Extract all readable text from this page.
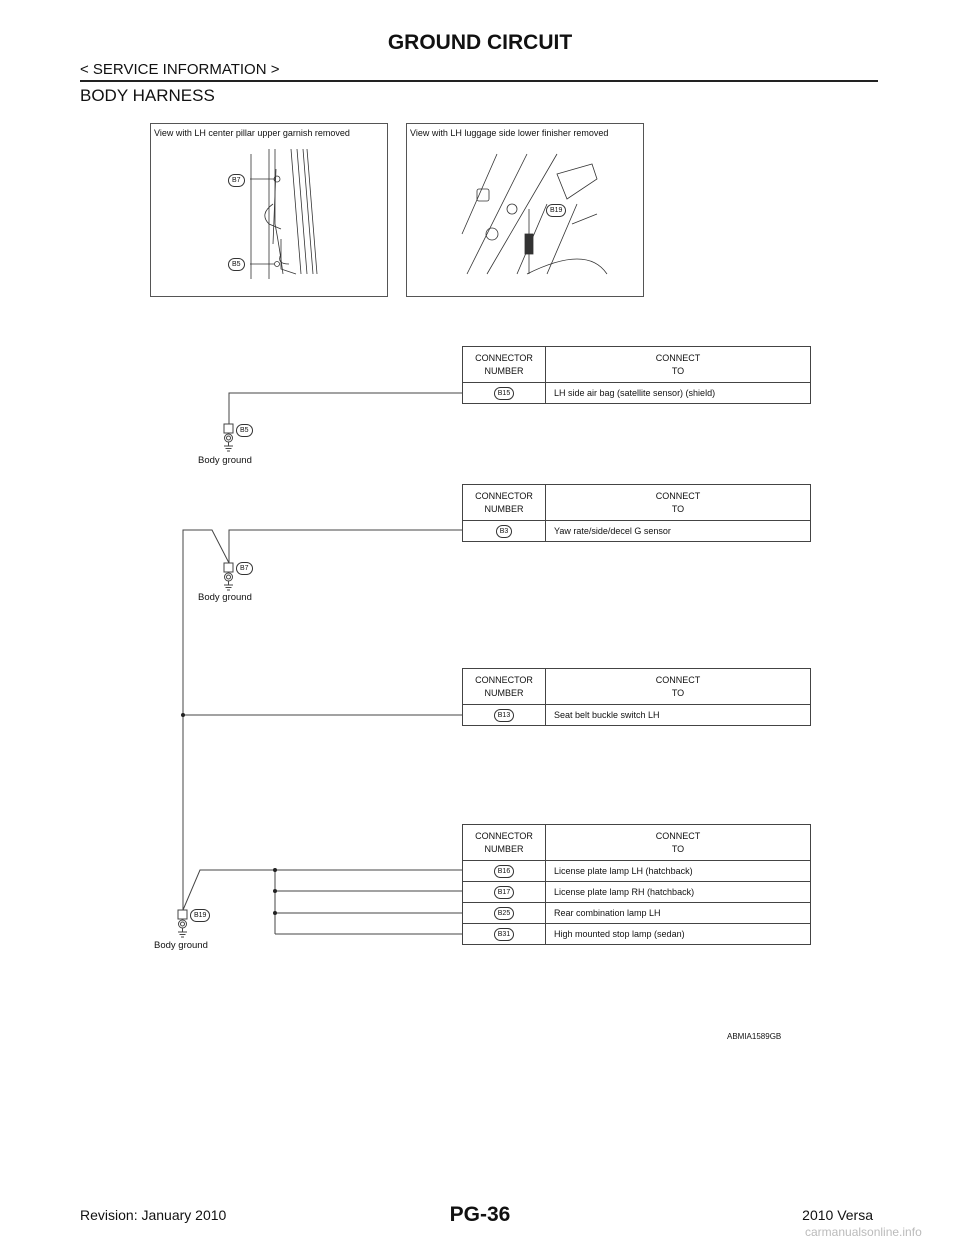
GROUND CIRCUIT
< SERVICE INFORMATION >
BODY HARNESS
View with LH center pillar upper garnish removed
B7
B5
View with LH luggage side lower finisher removed
B19
B5
Body ground
B7
Body ground
B19
Body ground
CONNECTOR
NUMBER	CONNECT
TO
B15	LH side air bag (satellite sensor) (shield)
CONNECTOR
NUMBER	CONNECT
TO
B3	Yaw rate/side/decel G sensor
CONNECTOR
NUMBER	CONNECT
TO
B13	Seat belt buckle switch LH
CONNECTOR
NUMBER	CONNECT
TO
B16	License plate lamp LH (hatchback)
B17	License plate lamp RH (hatchback)
B25	Rear combination lamp LH
B31	High mounted stop lamp (sedan)
ABMIA1589GB
Revision: January 2010	PG-36	2010 Versa
carmanualsonline.info
